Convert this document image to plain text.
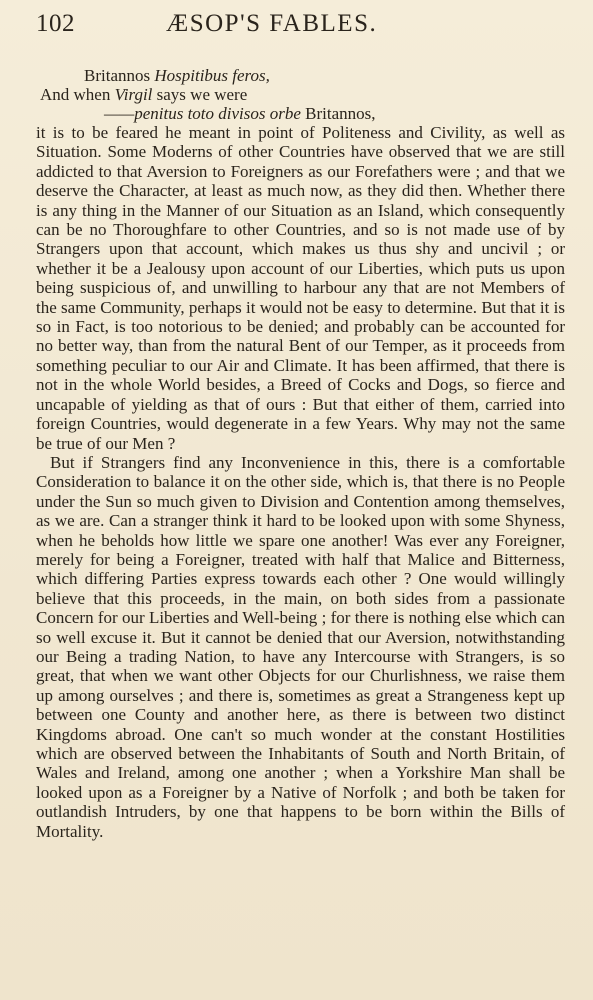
102	ÆSOP'S FABLES.
Britannos Hospitibus feros,
And when Virgil says we were
——penitus toto divisos orbe Britannos,

it is to be feared he meant in point of Politeness and Civility, as well as Situation. Some Moderns of other Countries have observed that we are still addicted to that Aversion to Foreigners as our Forefathers were ; and that we deserve the Character, at least as much now, as they did then. Whether there is any thing in the Manner of our Situation as an Island, which consequently can be no Thoroughfare to other Countries, and so is not made use of by Strangers upon that account, which makes us thus shy and uncivil ; or whether it be a Jealousy upon account of our Liberties, which puts us upon being suspicious of, and unwilling to harbour any that are not Members of the same Community, perhaps it would not be easy to determine. But that it is so in Fact, is too notorious to be denied; and probably can be accounted for no better way, than from the natural Bent of our Temper, as it proceeds from something peculiar to our Air and Climate. It has been affirmed, that there is not in the whole World besides, a Breed of Cocks and Dogs, so fierce and uncapable of yielding as that of ours : But that either of them, carried into foreign Countries, would degenerate in a few Years. Why may not the same be true of our Men ?

But if Strangers find any Inconvenience in this, there is a comfortable Consideration to balance it on the other side, which is, that there is no People under the Sun so much given to Division and Contention among themselves, as we are. Can a stranger think it hard to be looked upon with some Shyness, when he beholds how little we spare one another! Was ever any Foreigner, merely for being a Foreigner, treated with half that Malice and Bitterness, which differing Parties express towards each other ? One would willingly believe that this proceeds, in the main, on both sides from a passionate Concern for our Liberties and Well-being ; for there is nothing else which can so well excuse it. But it cannot be denied that our Aversion, notwithstanding our Being a trading Nation, to have any Intercourse with Strangers, is so great, that when we want other Objects for our Churlishness, we raise them up among ourselves ; and there is, sometimes as great a Strangeness kept up between one County and another here, as there is between two distinct Kingdoms abroad. One can't so much wonder at the constant Hostilities which are observed between the Inhabitants of South and North Britain, of Wales and Ireland, among one another ; when a Yorkshire Man shall be looked upon as a Foreigner by a Native of Norfolk ; and both be taken for outlandish Intruders, by one that happens to be born within the Bills of Mortality.
